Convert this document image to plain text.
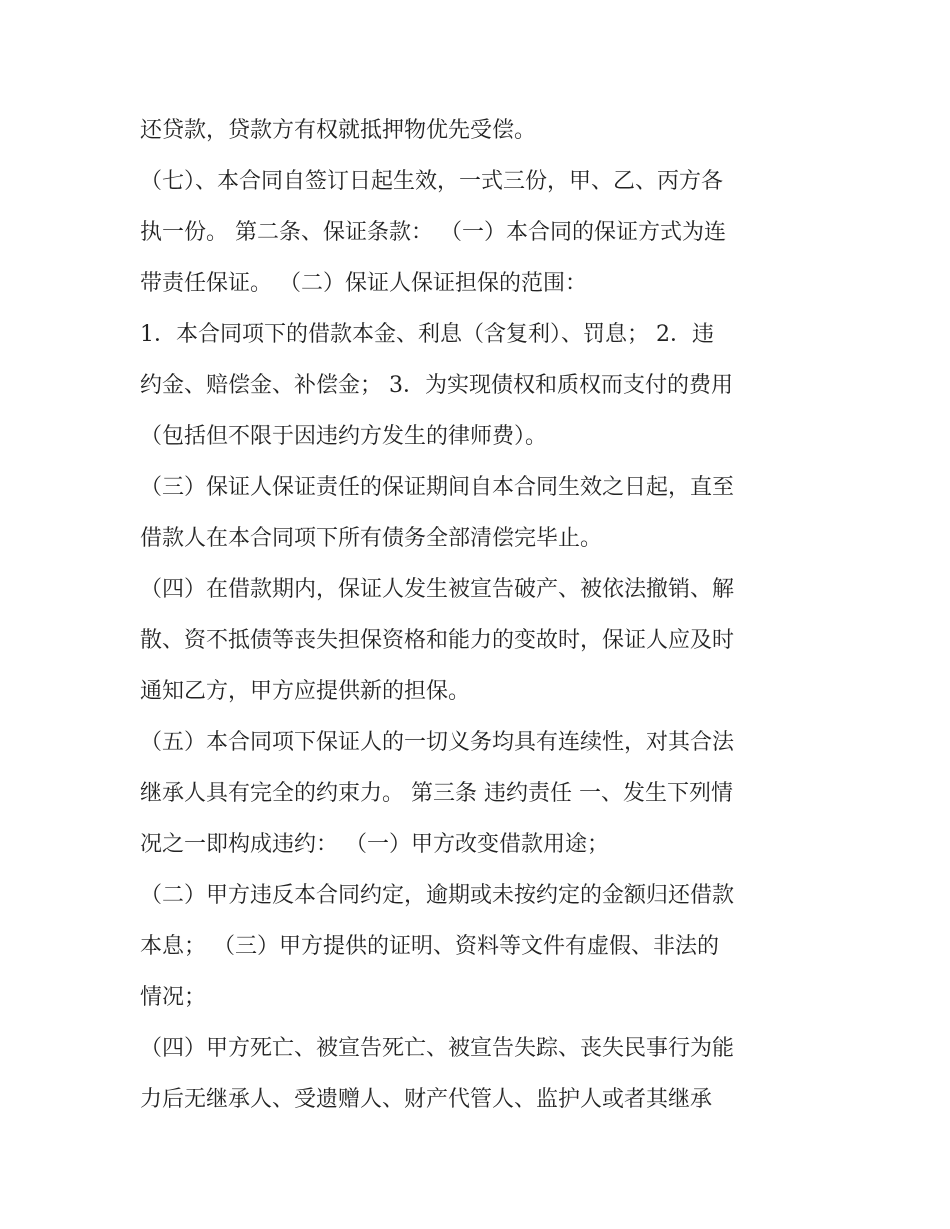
还贷款，贷款方有权就抵押物优先受偿。
（七）、本合同自签订日起生效，一式三份，甲、乙、丙方各
执一份。 第二条、保证条款： （一）本合同的保证方式为连
带责任保证。 （二）保证人保证担保的范围：
1．本合同项下的借款本金、利息（含复利）、罚息； 2．违
约金、赔偿金、补偿金； 3．为实现债权和质权而支付的费用
（包括但不限于因违约方发生的律师费）。
（三）保证人保证责任的保证期间自本合同生效之日起，直至
借款人在本合同项下所有债务全部清偿完毕止。
（四）在借款期内，保证人发生被宣告破产、被依法撤销、解
散、资不抵债等丧失担保资格和能力的变故时，保证人应及时
通知乙方，甲方应提供新的担保。
（五）本合同项下保证人的一切义务均具有连续性，对其合法
继承人具有完全的约束力。 第三条 违约责任 一、发生下列情
况之一即构成违约： （一）甲方改变借款用途；
（二）甲方违反本合同约定，逾期或未按约定的金额归还借款
本息； （三）甲方提供的证明、资料等文件有虚假、非法的
情况；
（四）甲方死亡、被宣告死亡、被宣告失踪、丧失民事行为能
力后无继承人、受遗赠人、财产代管人、监护人或者其继承
